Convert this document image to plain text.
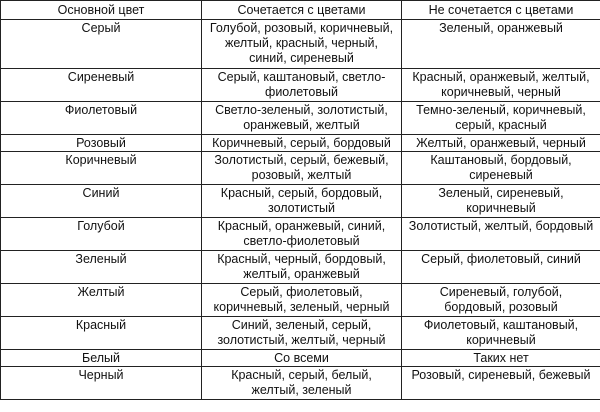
Основной цвет	Сочетается с цветами	Не сочетается с цветами
Серый	Голубой, розовый, коричневый, желтый, красный, черный, синий, сиреневый	Зеленый, оранжевый
Сиреневый	Серый, каштановый, светло-фиолетовый	Красный, оранжевый, желтый, коричневый, черный
Фиолетовый	Светло-зеленый, золотистый, оранжевый, желтый	Темно-зеленый, коричневый, серый, красный
Розовый	Коричневый, серый, бордовый	Желтый, оранжевый, черный
Коричневый	Золотистый, серый, бежевый, розовый, желтый	Каштановый, бордовый, сиреневый
Синий	Красный, серый, бордовый, золотистый	Зеленый, сиреневый, коричневый
Голубой	Красный, оранжевый, синий, светло-фиолетовый	Золотистый, желтый, бордовый
Зеленый	Красный, черный, бордовый, желтый, оранжевый	Серый, фиолетовый, синий
Желтый	Серый, фиолетовый, коричневый, зеленый, черный	Сиреневый, голубой, бордовый, розовый
Красный	Синий, зеленый, серый, золотистый, желтый, черный	Фиолетовый, каштановый, коричневый
Белый	Со всеми	Таких нет
Черный	Красный, серый, белый, желтый, зеленый	Розовый, сиреневый, бежевый
